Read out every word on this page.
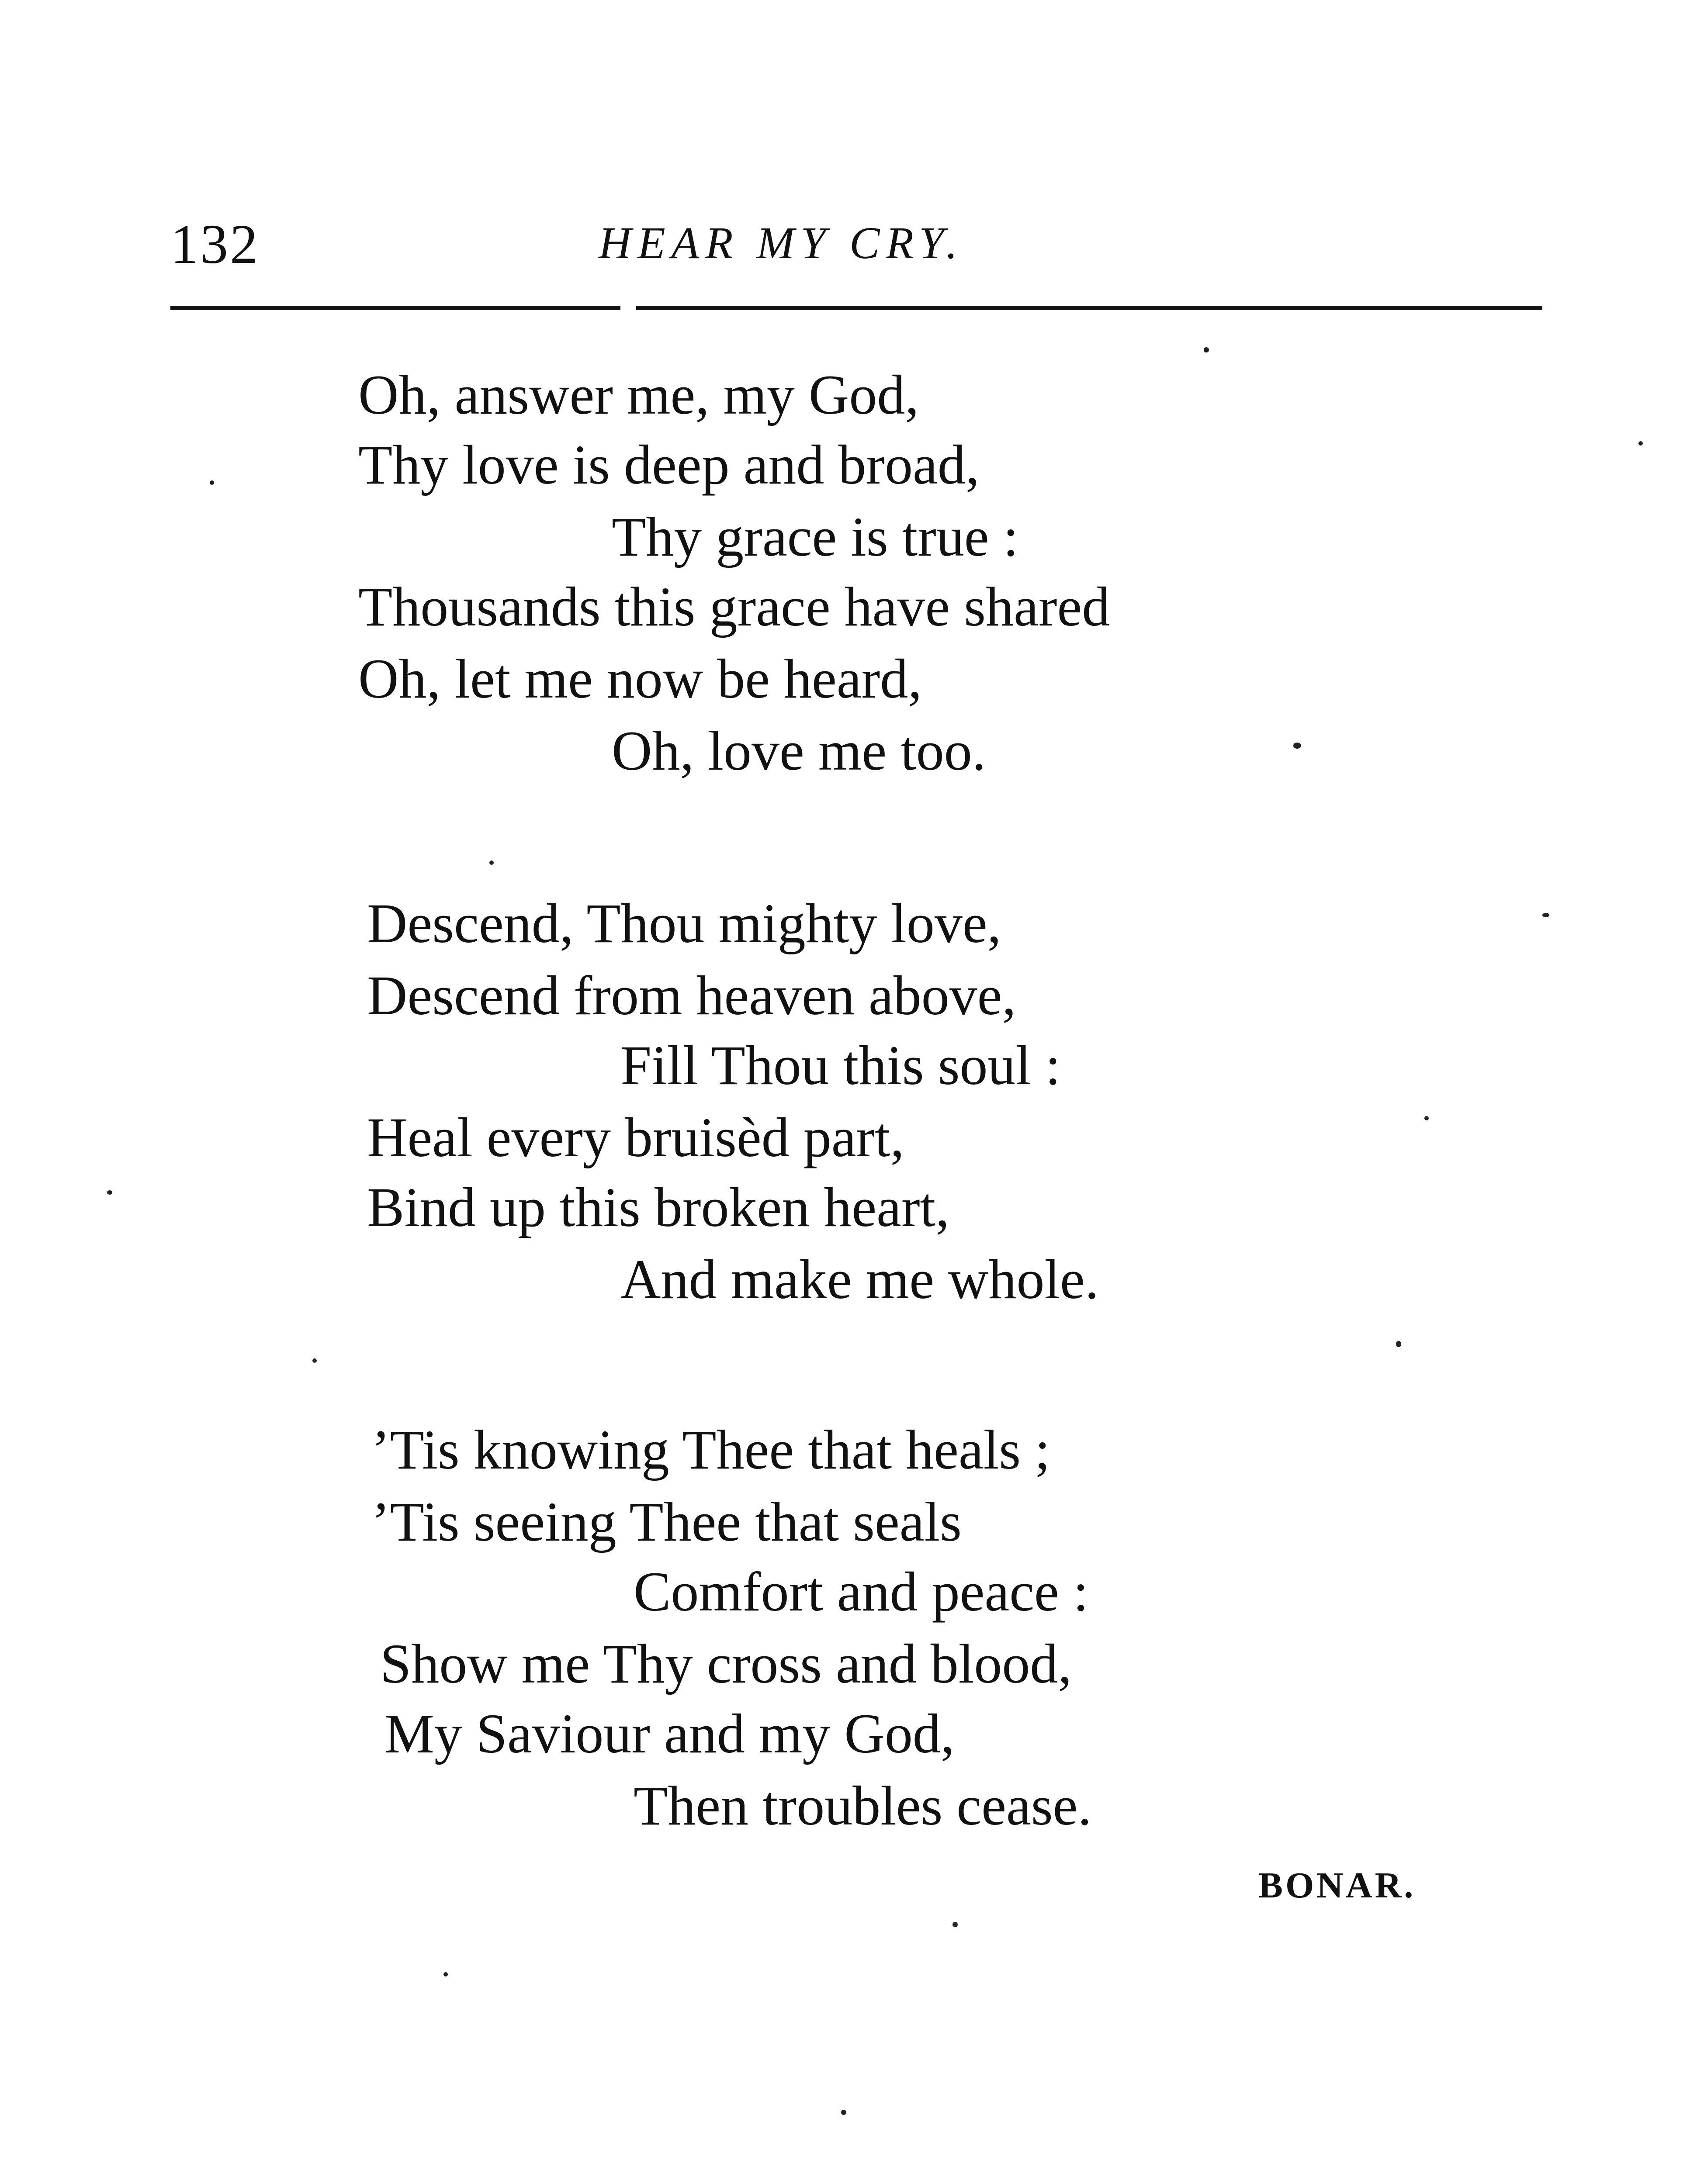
132	HEAR MY CRY.
Oh, answer me, my God,
Thy love is deep and broad,
Thy grace is true :
Thousands this grace have shared
Oh, let me now be heard,
Oh, love me too.
Descend, Thou mighty love,
Descend from heaven above,
Fill Thou this soul :
Heal every bruisèd part,
Bind up this broken heart,
And make me whole.
’Tis knowing Thee that heals ;
’Tis seeing Thee that seals
Comfort and peace :
Show me Thy cross and blood,
My Saviour and my God,
Then troubles cease.
BONAR.
